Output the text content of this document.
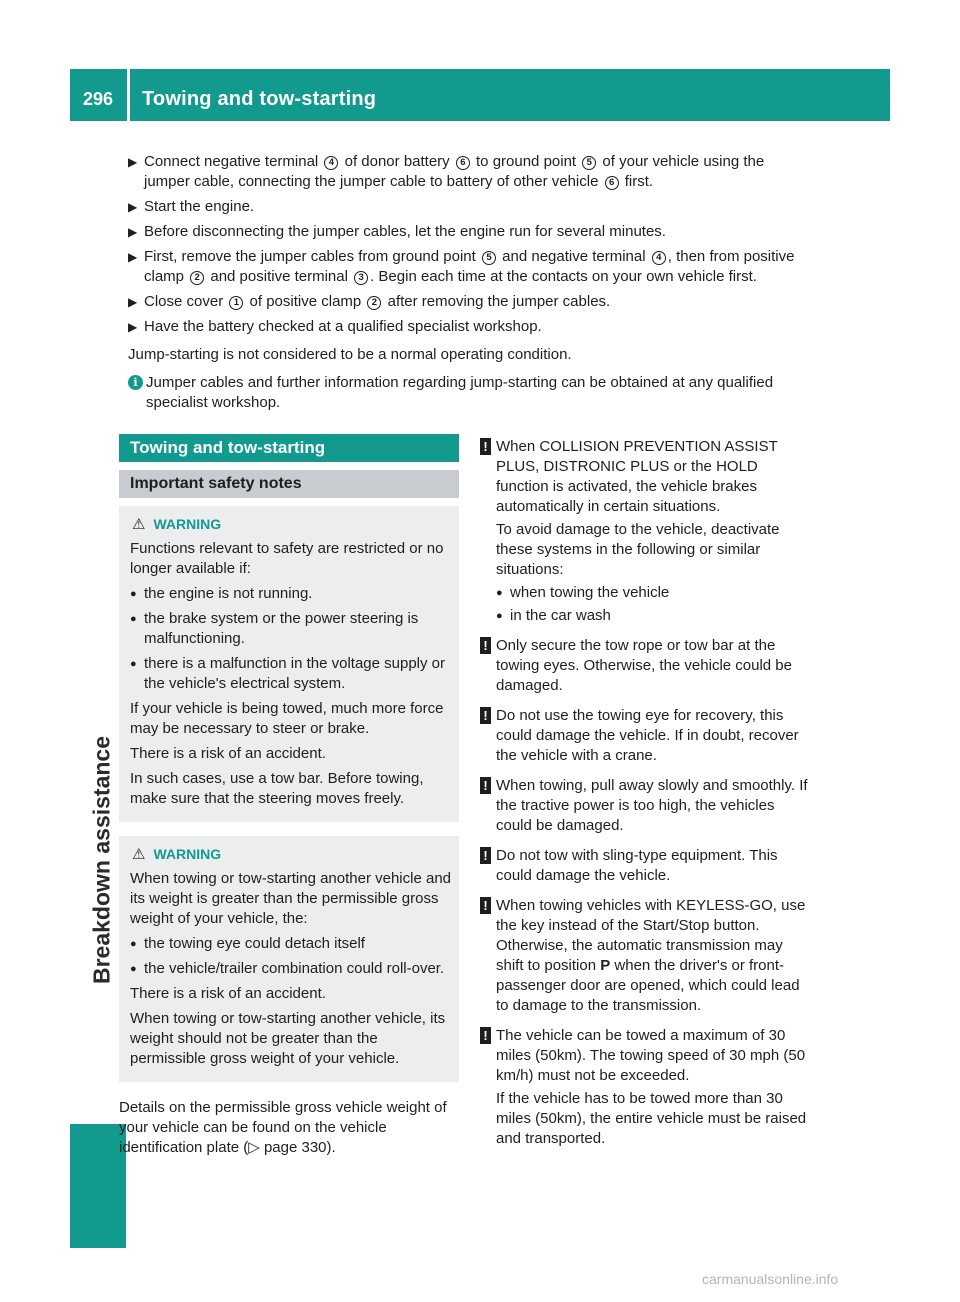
296	Towing and tow-starting
Breakdown assistance
▶ Connect negative terminal 4 of donor battery 6 to ground point 5 of your vehicle using the jumper cable, connecting the jumper cable to battery of other vehicle 6 first.
▶ Start the engine.
▶ Before disconnecting the jumper cables, let the engine run for several minutes.
▶ First, remove the jumper cables from ground point 5 and negative terminal 4 , then from positive clamp 2 and positive terminal 3 . Begin each time at the contacts on your own vehicle first.
▶ Close cover 1 of positive clamp 2 after removing the jumper cables.
▶ Have the battery checked at a qualified specialist workshop.

Jump-starting is not considered to be a normal operating condition.

i Jumper cables and further information regarding jump-starting can be obtained at any qualified specialist workshop.
Towing and tow-starting
Important safety notes
⚠ WARNING

Functions relevant to safety are restricted or no longer available if:

● the engine is not running.
● the brake system or the power steering is malfunctioning.
● there is a malfunction in the voltage supply or the vehicle's electrical system.

If your vehicle is being towed, much more force may be necessary to steer or brake.

There is a risk of an accident.

In such cases, use a tow bar. Before towing, make sure that the steering moves freely.

⚠ WARNING

When towing or tow-starting another vehicle and its weight is greater than the permissible gross weight of your vehicle, the:

● the towing eye could detach itself
● the vehicle/trailer combination could roll-over.

There is a risk of an accident.

When towing or tow-starting another vehicle, its weight should not be greater than the permissible gross weight of your vehicle.

Details on the permissible gross vehicle weight of your vehicle can be found on the vehicle identification plate (▷ page 330).

! When COLLISION PREVENTION ASSIST PLUS, DISTRONIC PLUS or the HOLD function is activated, the vehicle brakes automatically in certain situations.

To avoid damage to the vehicle, deactivate these systems in the following or similar situations:

● when towing the vehicle
● in the car wash
! Only secure the tow rope or tow bar at the towing eyes. Otherwise, the vehicle could be damaged.

! Do not use the towing eye for recovery, this could damage the vehicle. If in doubt, recover the vehicle with a crane.

! When towing, pull away slowly and smoothly. If the tractive power is too high, the vehicles could be damaged.

! Do not tow with sling-type equipment. This could damage the vehicle.

! When towing vehicles with KEYLESS-GO, use the key instead of the Start/Stop button. Otherwise, the automatic transmission may shift to position P when the driver's or front-passenger door are opened, which could lead to damage to the transmission.

! The vehicle can be towed a maximum of 30 miles (50km). The towing speed of 30 mph (50 km/h) must not be exceeded.

If the vehicle has to be towed more than 30 miles (50km), the entire vehicle must be raised and transported.

carmanualsonline.info
